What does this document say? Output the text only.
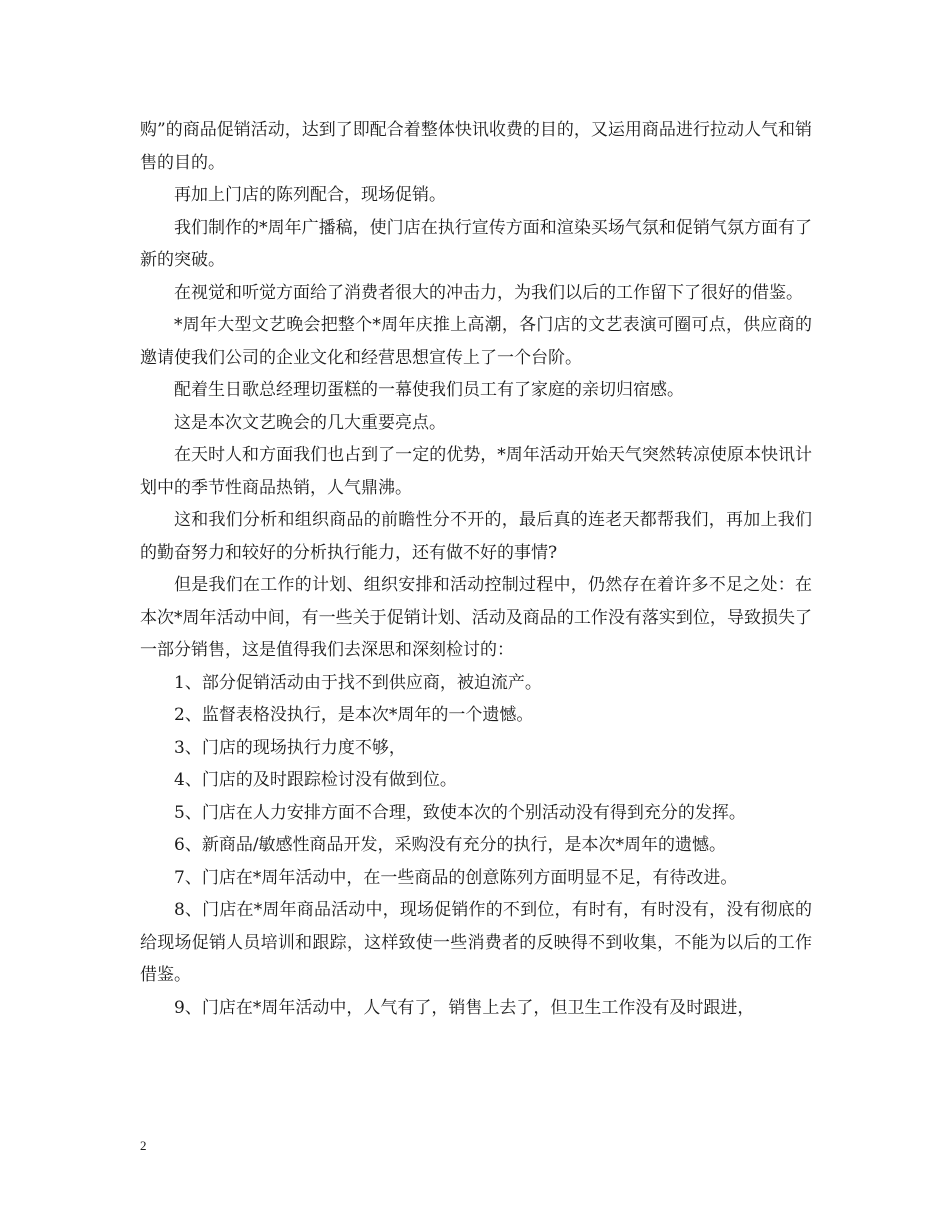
购”的商品促销活动，达到了即配合着整体快讯收费的目的，又运用商品进行拉动人气和销售的目的。

再加上门店的陈列配合，现场促销。

我们制作的*周年广播稿，使门店在执行宣传方面和渲染买场气氛和促销气氛方面有了新的突破。

在视觉和听觉方面给了消费者很大的冲击力，为我们以后的工作留下了很好的借鉴。

*周年大型文艺晚会把整个*周年庆推上高潮，各门店的文艺表演可圈可点，供应商的邀请使我们公司的企业文化和经营思想宣传上了一个台阶。

配着生日歌总经理切蛋糕的一幕使我们员工有了家庭的亲切归宿感。

这是本次文艺晚会的几大重要亮点。

在天时人和方面我们也占到了一定的优势，*周年活动开始天气突然转凉使原本快讯计划中的季节性商品热销，人气鼎沸。

这和我们分析和组织商品的前瞻性分不开的，最后真的连老天都帮我们，再加上我们的勤奋努力和较好的分析执行能力，还有做不好的事情?

但是我们在工作的计划、组织安排和活动控制过程中，仍然存在着许多不足之处：在本次*周年活动中间，有一些关于促销计划、活动及商品的工作没有落实到位，导致损失了一部分销售，这是值得我们去深思和深刻检讨的：

1、部分促销活动由于找不到供应商，被迫流产。

2、监督表格没执行，是本次*周年的一个遗憾。

3、门店的现场执行力度不够，

4、门店的及时跟踪检讨没有做到位。

5、门店在人力安排方面不合理，致使本次的个别活动没有得到充分的发挥。

6、新商品/敏感性商品开发，采购没有充分的执行，是本次*周年的遗憾。

7、门店在*周年活动中，在一些商品的创意陈列方面明显不足，有待改进。

8、门店在*周年商品活动中，现场促销作的不到位，有时有，有时没有，没有彻底的给现场促销人员培训和跟踪，这样致使一些消费者的反映得不到收集，不能为以后的工作借鉴。

9、门店在*周年活动中，人气有了，销售上去了，但卫生工作没有及时跟进，

2
